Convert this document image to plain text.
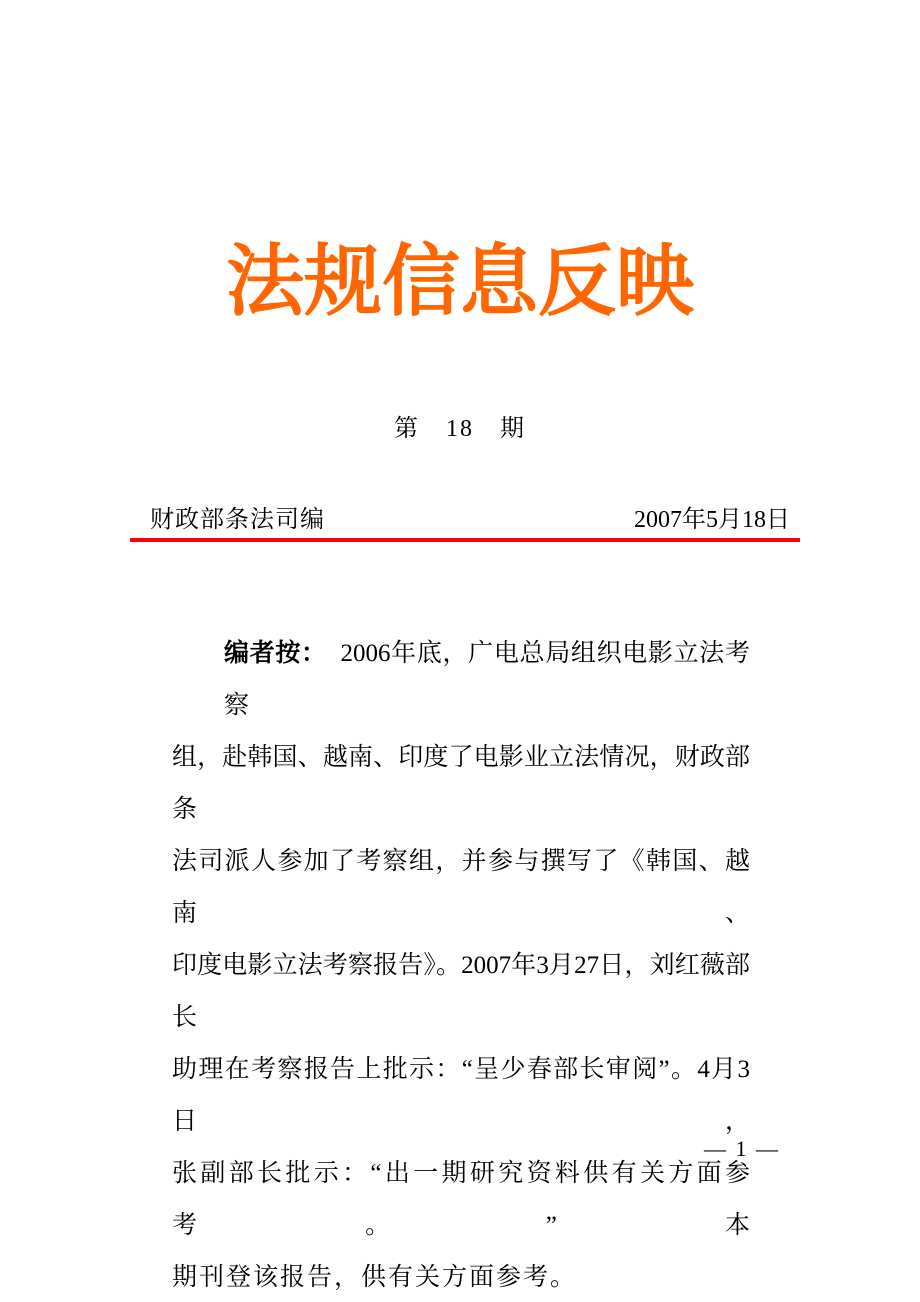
法规信息反映
第　18　期
财政部条法司编	2007年5月18日
编者按： 2006年底，广电总局组织电影立法考察
组，赴韩国、越南、印度了电影业立法情况，财政部条
法司派人参加了考察组，并参与撰写了《韩国、越南、
印度电影立法考察报告》。2007年3月27日，刘红薇部长
助理在考察报告上批示：“呈少春部长审阅”。4月3日，
张副部长批示：“出一期研究资料供有关方面参考。”本
期刊登该报告，供有关方面参考。
— 1 —
